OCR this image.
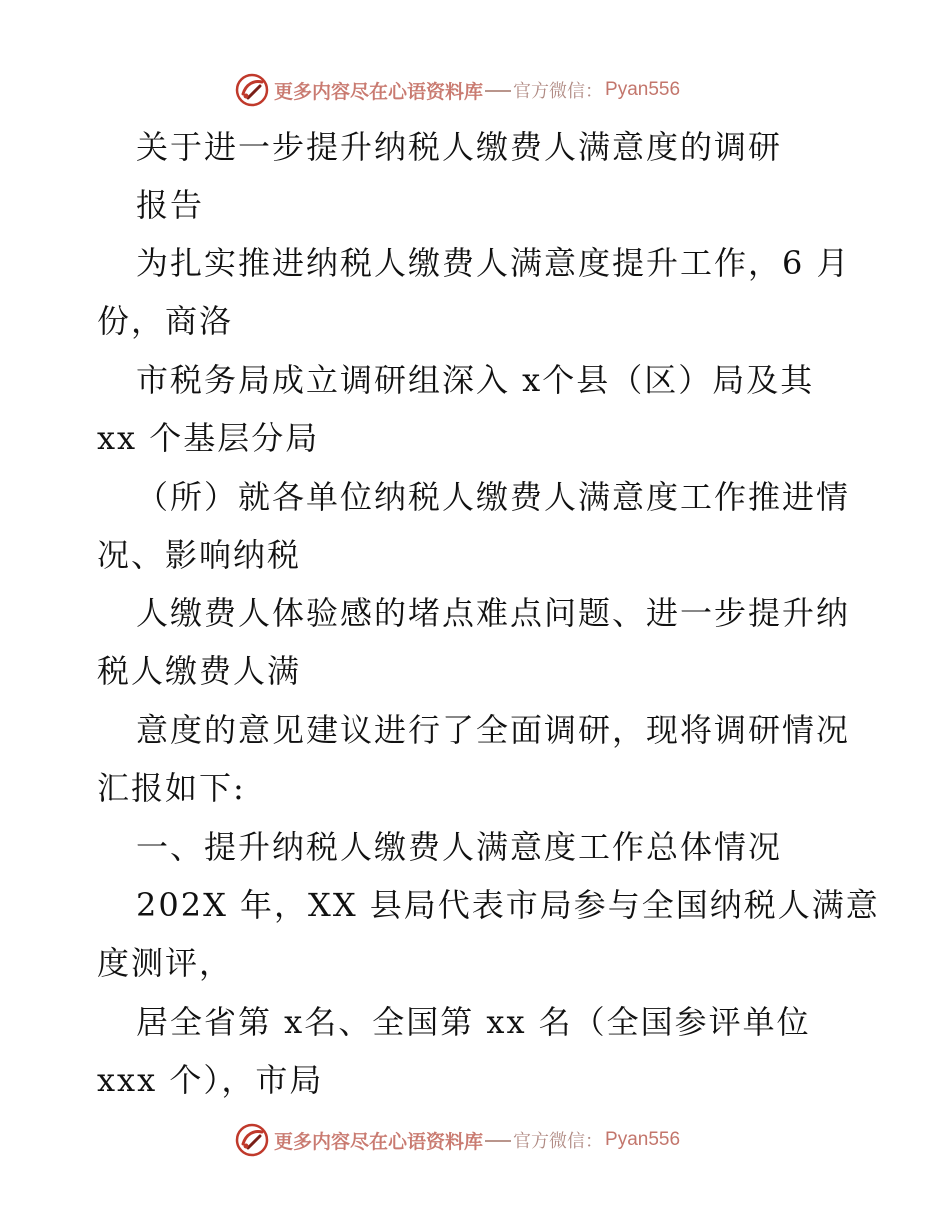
更多内容尽在心语资料库 官方微信： Pyan556
关于进一步提升纳税人缴费人满意度的调研
报告
为扎实推进纳税人缴费人满意度提升工作，6 月
份，商洛
市税务局成立调研组深入 x个县（区）局及其
xx 个基层分局
（所）就各单位纳税人缴费人满意度工作推进情
况、影响纳税
人缴费人体验感的堵点难点问题、进一步提升纳
税人缴费人满
意度的意见建议进行了全面调研，现将调研情况
汇报如下:
一、提升纳税人缴费人满意度工作总体情况
202X 年，XX 县局代表市局参与全国纳税人满意
度测评，
居全省第 x名、全国第 xx 名（全国参评单位
xxx 个），市局
更多内容尽在心语资料库 官方微信： Pyan556
